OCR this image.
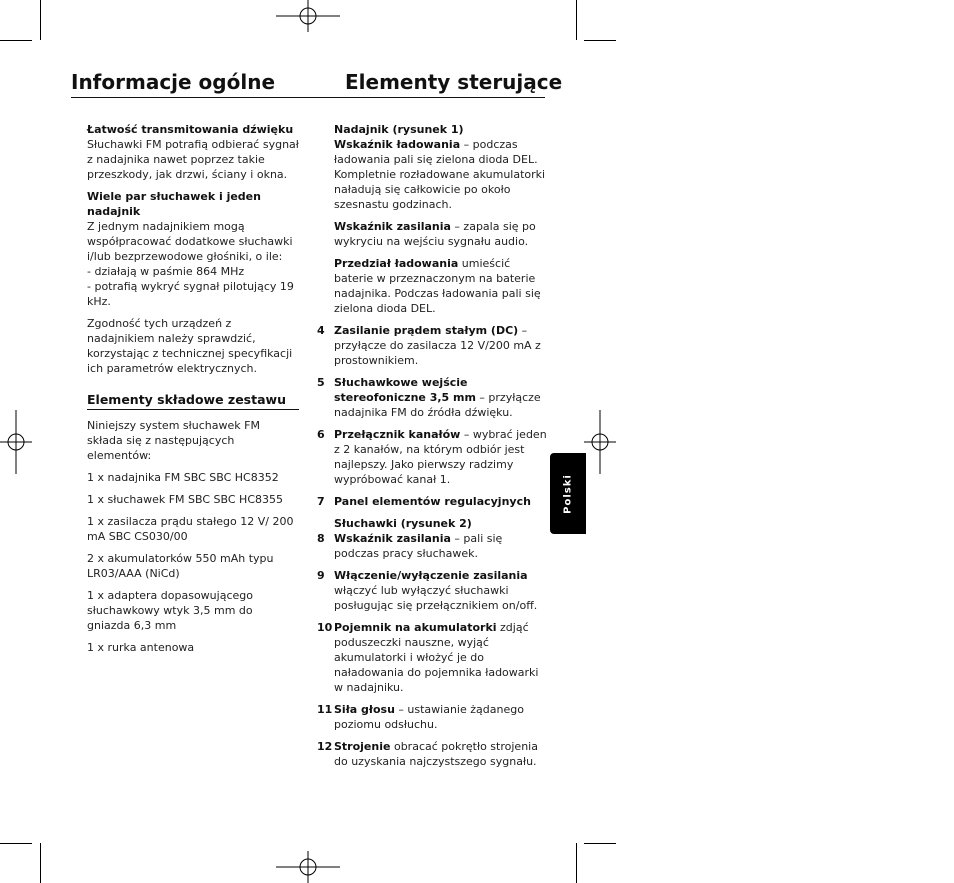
Informacje ogólne	Elementy sterujące

Łatwość transmitowania dźwięku
Słuchawki FM potrafią odbierać sygnał z nadajnika nawet poprzez takie przeszkody, jak drzwi, ściany i okna.

Wiele par słuchawek i jeden nadajnik
Z jednym nadajnikiem mogą współpracować dodatkowe słuchawki i/lub bezprzewodowe głośniki, o ile:
- działają w paśmie 864 MHz
- potrafią wykryć sygnał pilotujący 19 kHz.

Zgodność tych urządzeń z nadajnikiem należy sprawdzić, korzystając z technicznej specyfikacji ich parametrów elektrycznych.

Elementy składowe zestawu

Niniejszy system słuchawek FM składa się z następujących elementów:

1 x nadajnika FM SBC SBC HC8352

1 x słuchawek FM SBC SBC HC8355

1 x zasilacza prądu stałego 12 V/ 200 mA SBC CS030/00

2 x akumulatorków 550 mAh typu LR03/AAA (NiCd)

1 x adaptera dopasowującego słuchawkowy wtyk 3,5 mm do gniazda 6,3 mm

1 x rurka antenowa

Nadajnik (rysunek 1)
Wskaźnik ładowania – podczas ładowania pali się zielona dioda DEL. Kompletnie rozładowane akumulatorki naładują się całkowicie po około szesnastu godzinach.

Wskaźnik zasilania – zapala się po wykryciu na wejściu sygnału audio.

Przedział ładowania umieścić baterie w przeznaczonym na baterie nadajnika. Podczas ładowania pali się zielona dioda DEL.

4 Zasilanie prądem stałym (DC) – przyłącze do zasilacza 12 V/200 mA z prostownikiem.
5 Słuchawkowe wejście stereofoniczne 3,5 mm – przyłącze nadajnika FM do źródła dźwięku.
6 Przełącznik kanałów – wybrać jeden z 2 kanałów, na którym odbiór jest najlepszy. Jako pierwszy radzimy wypróbować kanał 1.
7 Panel elementów regulacyjnych
Słuchawki (rysunek 2)
8 Wskaźnik zasilania – pali się podczas pracy słuchawek.
9 Włączenie/wyłączenie zasilania włączyć lub wyłączyć słuchawki posługując się przełącznikiem on/off.
10 Pojemnik na akumulatorki zdjąć poduszeczki nauszne, wyjąć akumulatorki i włożyć je do naładowania do pojemnika ładowarki w nadajniku.
11 Siła głosu – ustawianie żądanego poziomu odsłuchu.
12 Strojenie obracać pokrętło strojenia do uzyskania najczystszego sygnału.
Polski
